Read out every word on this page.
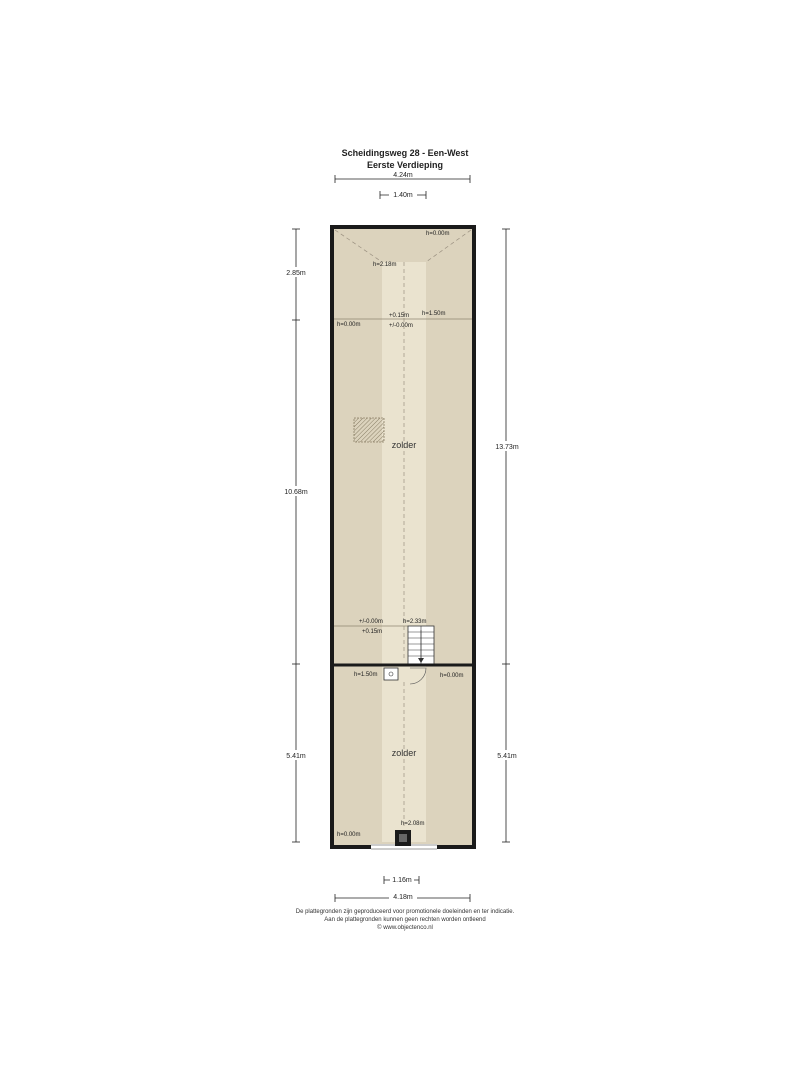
Scheidingsweg 28 - Een-West
Eerste Verdieping
4.24m
1.40m
2.85m
10.68m
5.41m
13.73m
5.41m
zolder
zolder
h=0.00m
h=2.18m
h=1.50m
h=0.00m
+0.15m
+/-0.00m
+/-0.00m
+0.15m
h=2.33m
h=1.50m	h=0.00m
h=0.00m
h=2.08m
1.16m
4.18m
De plattegronden zijn geproduceerd voor promotionele doeleinden en ter indicatie.
Aan de plattegronden kunnen geen rechten worden ontleend
© www.objectenco.nl
